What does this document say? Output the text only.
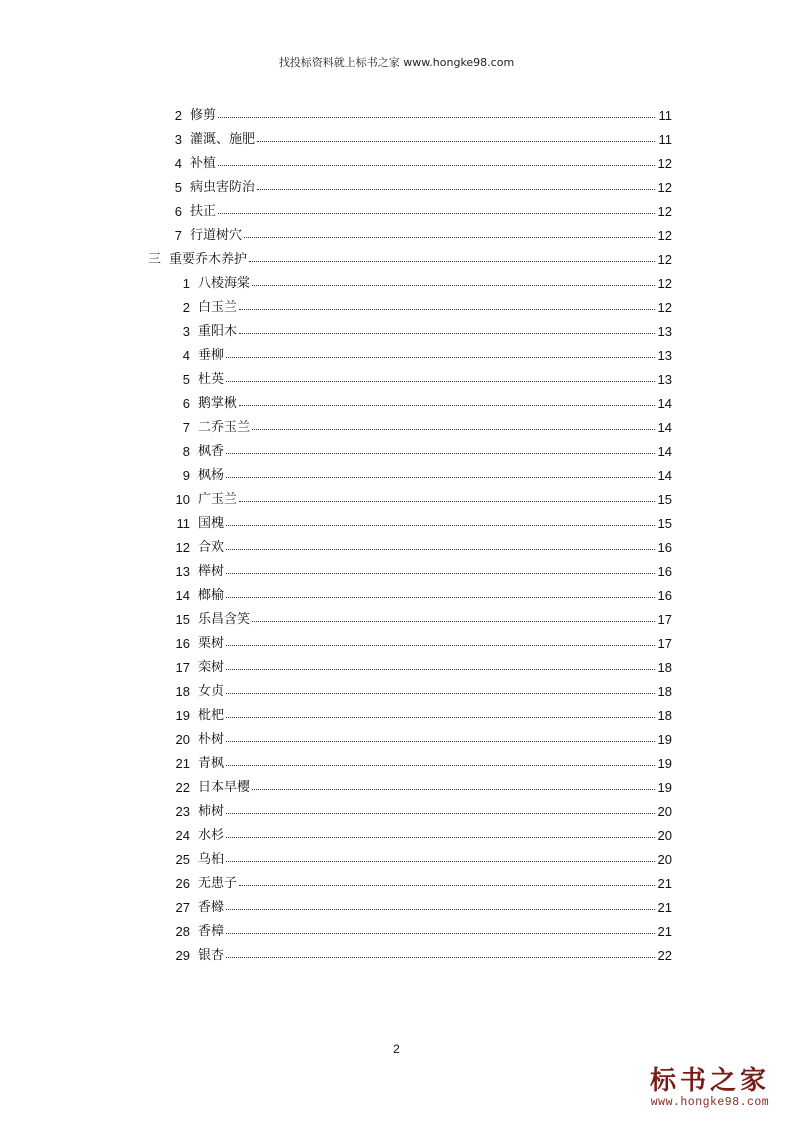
找投标资料就上标书之家 www.hongke98.com
2 修剪	11
3 灌溉、施肥	11
4 补植	12
5 病虫害防治	12
6 扶正	12
7 行道树穴	12
三 重要乔木养护	12
1 八棱海棠	12
2 白玉兰	12
3 重阳木	13
4 垂柳	13
5 杜英	13
6 鹅掌楸	14
7 二乔玉兰	14
8 枫香	14
9 枫杨	14
10 广玉兰	15
11 国槐	15
12 合欢	16
13 榉树	16
14 榔榆	16
15 乐昌含笑	17
16 栗树	17
17 栾树	18
18 女贞	18
19 枇杷	18
20 朴树	19
21 青枫	19
22 日本早樱	19
23 柿树	20
24 水杉	20
25 乌桕	20
26 无患子	21
27 香橼	21
28 香樟	21
29 银杏	22
2
标书之家
www.hongke98.com
